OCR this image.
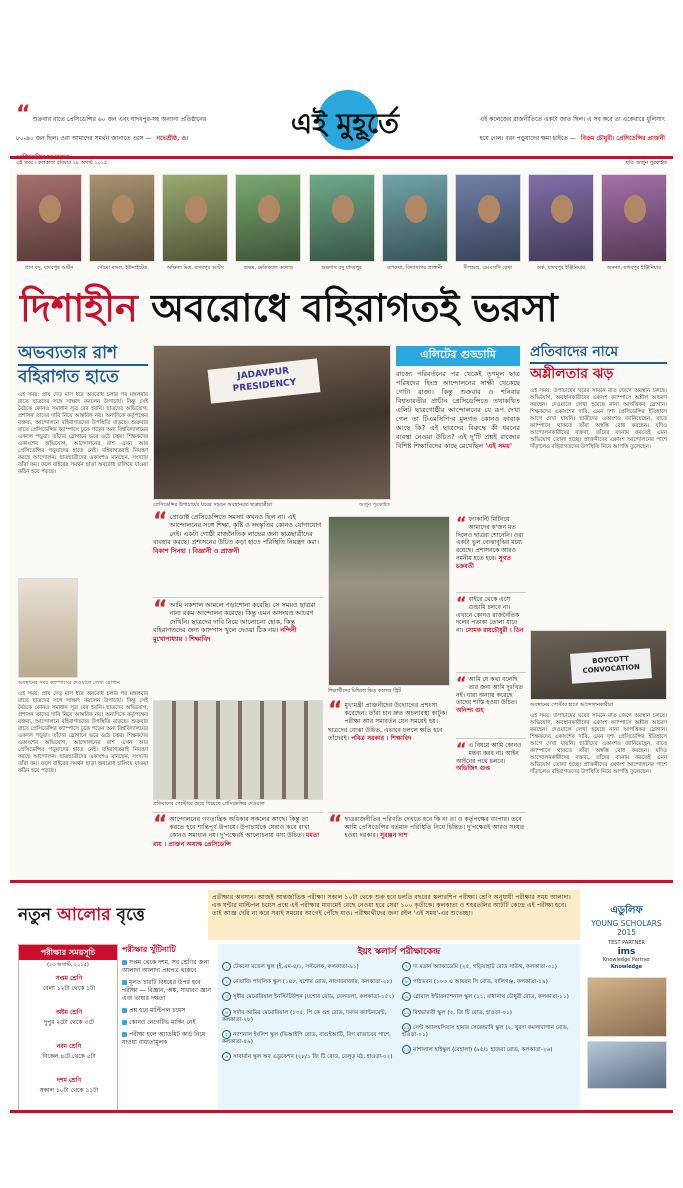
“ শুক্রবার রাতে প্রেসিডেন্সির ৬০ জন এবং যাদবপুর-সহ অন্যান্য প্রতিষ্ঠানের ৮০-৯০ জন ছিল। ওরা আমাদের সমর্থন জানাতে এসে — নভেশ্রীষ্ঠ, ও।	এই মুহূর্তে	এই কলেজের রাজনীতিতে একটা জাত ছিল। এ সব করে তা একেবারে ধুলিসাৎ হয়ে গেল। বরং পড়ুয়াদের ক্ষমা চাইতে — বিক্রম চৌধুরী। প্রেসিডেন্সির প্রাক্তনী
এই সময় । কলকাতা রবিবার ২৮ অগস্ট ২০১৫	ছবি: অর্জুন পুরকাইত
প্রাণ বসু, যাদবপুর আর্টস	সৌমো মন্ডল, ইউনাইটেড	অক্ষিতা মিত্র, যাদবপুর আর্টস	শুভম, মেডিক্যাল কলেজ	শুভদাস বসু যাদবপুর	রূপকথা, বিদ্যাসাগর প্রাক্তনী	দীপশুভ্র, এমএসসি রেখা	অর্ক, যাদবপুর ইঞ্জিনিয়ার	অনন্যা, যাদবপুর ইঞ্জিনিয়ার
দিশাহীন অবরোধে বহিরাগতই ভরসা
অভব্যতার রাশ
বহিরাগত হাতে
এই সময়: প্রায় দেড় মাস ধরে অবরোধ চলার পর মঙ্গলবার রাতে ছাত্রদের সঙ্গে সাক্ষাৎ করলেন উপাচার্য। কিন্তু সেই বৈঠকে কোনও সমাধান সূত্র বের হয়নি। ছাত্রদের অভিযোগ, প্রশাসন তাদের দাবি নিয়ে আন্তরিক নয়। অন্যদিকে কর্তৃপক্ষের বক্তব্য, আন্দোলনে বহিরাগতদের উপস্থিতি বাড়ছে। শুক্রবার রাতে প্রেসিডেন্সির ক্যাম্পাসে ঢুকে পড়েন অন্য বিশ্ববিদ্যালয়ের একদল পড়ুয়া। তাঁদের স্লোগানে ভরে ওঠে চত্বর। শিক্ষকদের একাংশের অভিযোগ, আন্দোলনের রাশ এখন আর প্রেসিডেন্সির পড়ুয়াদের হাতে নেই। বহিরাগতরাই নিয়ন্ত্রণ করছে আন্দোলন। ছাত্রছাত্রীদের একাংশও মানছেন, সংখ্যায় তাঁরা কম। ফলে বাইরের সমর্থন ছাড়া অবরোধ চালিয়ে যাওয়া কঠিন হয়ে পড়ছে।
অবস্থানের সময় ক্যাম্পাসের দেওয়ালে লেখা স্লোগান
এই সময়: প্রায় দেড় মাস ধরে অবরোধ চলার পর মঙ্গলবার রাতে ছাত্রদের সঙ্গে সাক্ষাৎ করলেন উপাচার্য। কিন্তু সেই বৈঠকে কোনও সমাধান সূত্র বের হয়নি। ছাত্রদের অভিযোগ, প্রশাসন তাদের দাবি নিয়ে আন্তরিক নয়। অন্যদিকে কর্তৃপক্ষের বক্তব্য, আন্দোলনে বহিরাগতদের উপস্থিতি বাড়ছে। শুক্রবার রাতে প্রেসিডেন্সির ক্যাম্পাসে ঢুকে পড়েন অন্য বিশ্ববিদ্যালয়ের একদল পড়ুয়া। তাঁদের স্লোগানে ভরে ওঠে চত্বর। শিক্ষকদের একাংশের অভিযোগ, আন্দোলনের রাশ এখন আর প্রেসিডেন্সির পড়ুয়াদের হাতে নেই। বহিরাগতরাই নিয়ন্ত্রণ করছে আন্দোলন। ছাত্রছাত্রীদের একাংশও মানছেন, সংখ্যায় তাঁরা কম। ফলে বাইরের সমর্থন ছাড়া অবরোধ চালিয়ে যাওয়া কঠিন হয়ে পড়ছে।
JADAVPUR PRESIDENCY
প্রেসিডেন্সির উপাচার্যের ঘরের সামনে অবস্থানরত ছাত্রছাত্রীরা	অর্জুন পুরকাইত
এলিটের গুড্ডামি
রাজ্যে পরিবর্তনের পর থেকেই তৃণমূল ছাত্র পরিষদের হিংস্র আন্দোলনের সাক্ষী থেকেছে গোটা রাজ্য। কিন্তু শুক্রবার ও শনিবার বিশ্বভারতীর প্রাচীন প্রেসিডেন্সিতে তথাকথিত এলিট ছাত্রগোষ্ঠীর আন্দোলনের যে রূপ দেখা গেল তা টিএমসিপি-র মুলগত কোনও ফারাক আছে কি? এই ছাত্রদের বিরুদ্ধে কী ধরনের ব্যবস্থা নেওয়া উচিত? এই দু'টি প্রশ্নই রাজ্যের বিশিষ্ট শিক্ষাবিদের কাছে রেখেছিল 'এই সময়'
প্রতিবাদের নামে
অশ্লীলতার ঝড়
এই সময়: উপাচার্যের ঘরের সামনে রাত জেগে অবস্থান চলছে। অভিযোগ, অবস্থানকারীদের একাংশ ক্যাম্পাসে অশ্লীল আচরণ করছেন। দেওয়ালে লেখা হয়েছে নানা আপত্তিকর স্লোগান। শিক্ষকদের একাংশের দাবি, এমন দৃশ্য প্রেসিডেন্সির ইতিহাসে আগে দেখা যায়নি। ছাত্রীদের একাংশও জানিয়েছেন, রাতে ক্যাম্পাসে থাকতে তাঁরা অস্বস্তি বোধ করছেন। যদিও আন্দোলনকারীদের বক্তব্য, তাঁদের বদনাম করতেই এমন অভিযোগ তোলা হচ্ছে। প্রাক্তনীদের একাংশ আন্দোলনের পাশে দাঁড়ালেও বহিরাগতদের উপস্থিতি নিয়ে আপত্তি তুলেছেন।
BOYCOTT CONVOCATION
অবস্থানের পোস্টার হাতে আন্দোলনকারীরা
এই সময়: উপাচার্যের ঘরের সামনে রাত জেগে অবস্থান চলছে। অভিযোগ, অবস্থানকারীদের একাংশ ক্যাম্পাসে অশ্লীল আচরণ করছেন। দেওয়ালে লেখা হয়েছে নানা আপত্তিকর স্লোগান। শিক্ষকদের একাংশের দাবি, এমন দৃশ্য প্রেসিডেন্সির ইতিহাসে আগে দেখা যায়নি। ছাত্রীদের একাংশও জানিয়েছেন, রাতে ক্যাম্পাসে থাকতে তাঁরা অস্বস্তি বোধ করছেন। যদিও আন্দোলনকারীদের বক্তব্য, তাঁদের বদনাম করতেই এমন অভিযোগ তোলা হচ্ছে। প্রাক্তনীদের একাংশ আন্দোলনের পাশে দাঁড়ালেও বহিরাগতদের উপস্থিতি নিয়ে আপত্তি তুলেছেন।
“ প্রোডাক্ট প্রেসিডেন্সিতে সমস্যা কখনও ছিল না। এই আন্দোলনের সঙ্গে শিক্ষা, কৃষ্টি ও সংস্কৃতির কোনও যোগাযোগ নেই। একটা গোষ্ঠী রাজনৈতিক লাভের জন্য ছাত্রছাত্রীদের ব্যবহার করছে। প্রশাসনের উচিত কড়া হাতে পরিস্থিতি নিয়ন্ত্রণ করা। বিকাশ সিনহা । বিজ্ঞানী ও প্রাক্তনী
“ আমি নকশাল আমলে পড়াশোনা করেছি। সে সময়ও ছাত্ররা নানা রকম আন্দোলন করেছে। কিন্তু এমন অসংযত আচরণ দেখিনি। ছাত্রদের দাবি নিয়ে আলোচনা হোক, কিন্তু বহিরাগতদের জন্য ক্যাম্পাস খুলে দেওয়া ঠিক নয়। নন্দিনী মুখোপাধ্যায় । শিক্ষাবিদ
শিক্ষার্থীদের মিছিলে ভিড় কলেজ স্ট্রিট
“ ফ্যাকাল্টি মিটিংয়ে আমাদের ক'জন মত দিলেও ছাত্ররা শোনেনি। ওরা একটা ভুল বোঝাবুঝির মধ্যে রয়েছে। প্রশাসনকে আরও নমনীয় হতে হবে। সুগত চক্রবর্তী
“ বাইরে থেকে এসে গুন্ডামি চলবে না। এখানে কোনও রাজনৈতিক দলের পতাকা তোলা যাবে না। সোমক রায়চৌধুরী । ডিন
“ আমি যে কথা বলেছি তার জন্য আমি দুঃখিত নই। যারা অন্যায় করেছে তাদের শাস্তি হওয়া উচিত। অনিন্দ্য গুহ
“ এ বিষয়ে আমি কোনও মন্তব্য করব না। আইন আইনের পথে চলবে। অভিজিৎ গুপ্ত
প্রতিবাদের পোস্টারে ছেয়ে গিয়েছে প্রেসিডেন্সির দেওয়াল
“ মুখ্যমন্ত্রী প্রাক্তনীদের উদ্যোগের প্রশংসা করেছেন। তাঁরা চান দ্রুত অচলাবস্থা কাটুক। পরীক্ষা আর সমাবর্তন যেন সময়েই হয়। ছাত্রদের বোঝা উচিত, এভাবে চললে ক্ষতি হবে তাঁদেরই। পবিত্র সরকার । শিক্ষাবিদ
“ আন্দোলনের গণতান্ত্রিক অধিকার সকলের আছে। কিন্তু তা করতে হবে শান্তিপূর্ণ উপায়ে। উপাচার্যকে ঘেরাও করে রাখা কোনও সমাধান নয়। দু'পক্ষেরই আলোচনায় বসা উচিত। মমতা রায় । প্রাক্তন অধ্যক্ষ প্রেসিডেন্সি
“ ছাত্ররাজনীতির পরিণতি দেখতে হবে কি না তা ও কর্তৃপক্ষের ব্যাপার। তবে আমি প্রেসিডেন্সির বর্তমান পরিস্থিতি নিয়ে চিন্তিত। দু'পক্ষেরই আরও সংযত হওয়া দরকার। সুরঞ্জন দাশ
নতুন আলোর বৃত্তে
প্রতীক্ষার অবসান। আজই আন্তর্জাতিক পরীক্ষা। সকাল ১০টা থেকে শুরু হবে চলতি বছরের স্কলারশিপ পরীক্ষা। শ্রেণি অনুযায়ী পরীক্ষার সময় আলাদা। এক ঘন্টার মাল্টিপল চয়েস প্রশ্নে এই পরীক্ষার মাধ্যমেই বেছে নেওয়া হবে সেরা ১০০ কৃতীকে। কলকাতা ও শহরতলির আটটি কেন্দ্রে এই পরীক্ষা হবে। তাই আজ্ঞ দেরি না করে সবাই সময়ের আগেই পৌঁছে যাও। পরীক্ষার্থীদের জন্য রইল 'এই সময়'-এর শুভেচ্ছা।
পরীক্ষার সময়সূচি
(২৩ অগাস্ট, ২০১৫)
সপ্তম শ্রেণি
বেলা ১২টা থেকে ১টা
অষ্টম শ্রেণি
দুপুর ২টো থেকে ৩টে
নবম শ্রেণি
বিকেল ৪টে থেকে ৫টা
দশম শ্রেণি
সকাল ১০টা থেকে ১১টা
পরীক্ষার খুঁটিনাটি
সপ্তম থেকে দশম, সব শ্রেণির জন্য আলাদা আলাদা প্রশ্নপত্র থাকবে
মূলত চারটি বিষয়ের উপর হবে পরীক্ষা — বিজ্ঞান, অঙ্ক, সাধারণ জ্ঞান এবং ভাষার দক্ষতা
প্রশ্ন হবে মাল্টিপল চয়েস
কোনও নেগেটিভ মার্কিং নেই
পরীক্ষা হলে অ্যাডমিট কার্ড নিয়ে যাওয়া বাধ্যতামূলক
ইয়ং স্কলার্স পরীক্ষাকেন্দ্র
১ টেকনো মডেল স্কুল (ই.এম-৪/১, সল্টলেক, কলকাতা-৯১)
২ নেতাজি পাবলিক স্কুল (১৪৮, যশোর রোড, নাগেরবাজার, কলকাতা-২৮)
৩ সুধীর মেমোরিয়াল ইনস্টিটিউশন (যশোর রোড, দেলতলা, কলকাতা-১৫২)
৪ সর্দার আমির মেমোরিয়াল (১৩৫, পি কে গুহ রোড, দমদম ক্যান্টনমেন্ট, কলকাতা-২৮)
৫ ন্যাশনাল ইংলিশ স্কুল (ভিআইপি রোড, বাগুইআটি, বিগ বাজারের পাশে, কলকাতা-৫৯)
৬ সাবার্বান স্কুল অব এডুকেশন (২৮/১ জি টি রোড, বেলুড় মঠ, হাওড়া-০২)
৭ দ্য মডার্ন অ্যাকাডেমি (২৫, গড়িয়াহাট রোড সাউথ, কলকাতা-৩১)
৮ পাঠভবন (১০৩ এ আয়রন সি রোড, বালিগঞ্জ, কলকাতা-১৯)
৯ গ্লোবাল ইন্টারন্যাশনাল স্কুল (১১, রাধানাথ চৌধুরী রোড, কলকাতা-১১)
১০ বিশ্বভারতী স্কুল (৩, জি টি রোড, হাওড়া-০১)
১১ সেন্ট অ্যালয়সিয়াস হায়ার সেকেন্ডারি স্কুল (২, খুরদা কমলাবাগান রোড, হাওড়া-০১)
১২ নাশালাল হাইস্কুল (বেহালা) (৯৫/১ হাজরা রোড, কলকাতা-২৬)
এডুলিফ
YOUNG SCHOLARS
2015
TEST PARTNER
ims
Knowledge Partner
Knowledge
